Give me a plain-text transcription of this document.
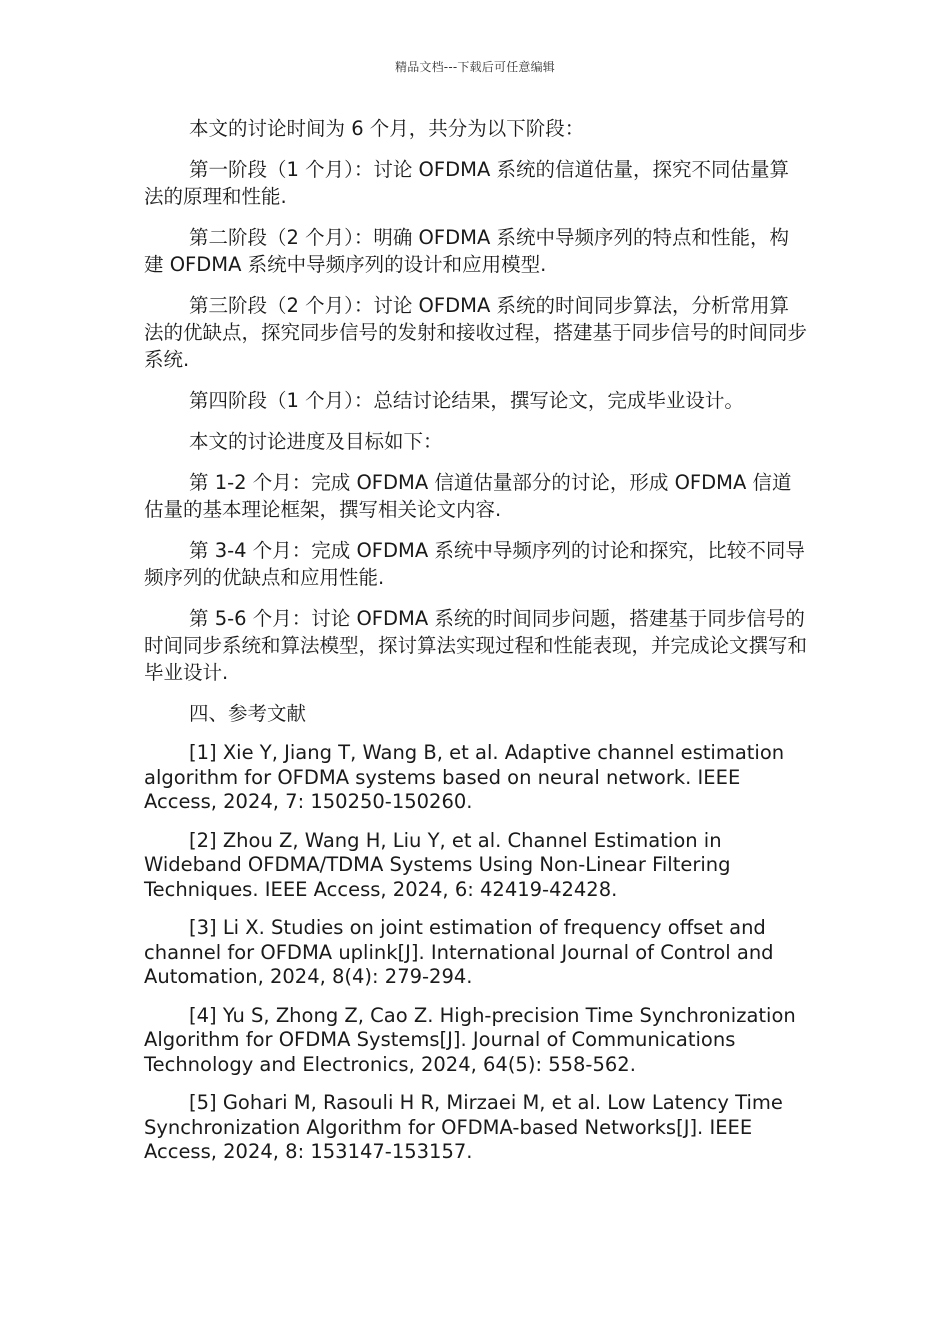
精品文档---下载后可任意编辑

本文的讨论时间为 6 个月，共分为以下阶段：

第一阶段（1 个月）：讨论 OFDMA 系统的信道估量，探究不同估量算法的原理和性能.

第二阶段（2 个月）：明确 OFDMA 系统中导频序列的特点和性能，构建 OFDMA 系统中导频序列的设计和应用模型.

第三阶段（2 个月）：讨论 OFDMA 系统的时间同步算法，分析常用算法的优缺点，探究同步信号的发射和接收过程，搭建基于同步信号的时间同步系统.

第四阶段（1 个月）：总结讨论结果，撰写论文，完成毕业设计。

本文的讨论进度及目标如下：

第 1-2 个月：完成 OFDMA 信道估量部分的讨论，形成 OFDMA 信道估量的基本理论框架，撰写相关论文内容.

第 3-4 个月：完成 OFDMA 系统中导频序列的讨论和探究，比较不同导频序列的优缺点和应用性能.

第 5-6 个月：讨论 OFDMA 系统的时间同步问题，搭建基于同步信号的时间同步系统和算法模型，探讨算法实现过程和性能表现，并完成论文撰写和毕业设计.

四、参考文献

[1] Xie Y, Jiang T, Wang B, et al. Adaptive channel estimation algorithm for OFDMA systems based on neural network. IEEE Access, 2024, 7: 150250-150260.

[2] Zhou Z, Wang H, Liu Y, et al. Channel Estimation in Wideband OFDMA/TDMA Systems Using Non-Linear Filtering Techniques. IEEE Access, 2024, 6: 42419-42428.

[3] Li X. Studies on joint estimation of frequency offset and channel for OFDMA uplink[J]. International Journal of Control and Automation, 2024, 8(4): 279-294.

[4] Yu S, Zhong Z, Cao Z. High-precision Time Synchronization Algorithm for OFDMA Systems[J]. Journal of Communications Technology and Electronics, 2024, 64(5): 558-562.

[5] Gohari M, Rasouli H R, Mirzaei M, et al. Low Latency Time Synchronization Algorithm for OFDMA-based Networks[J]. IEEE Access, 2024, 8: 153147-153157.
